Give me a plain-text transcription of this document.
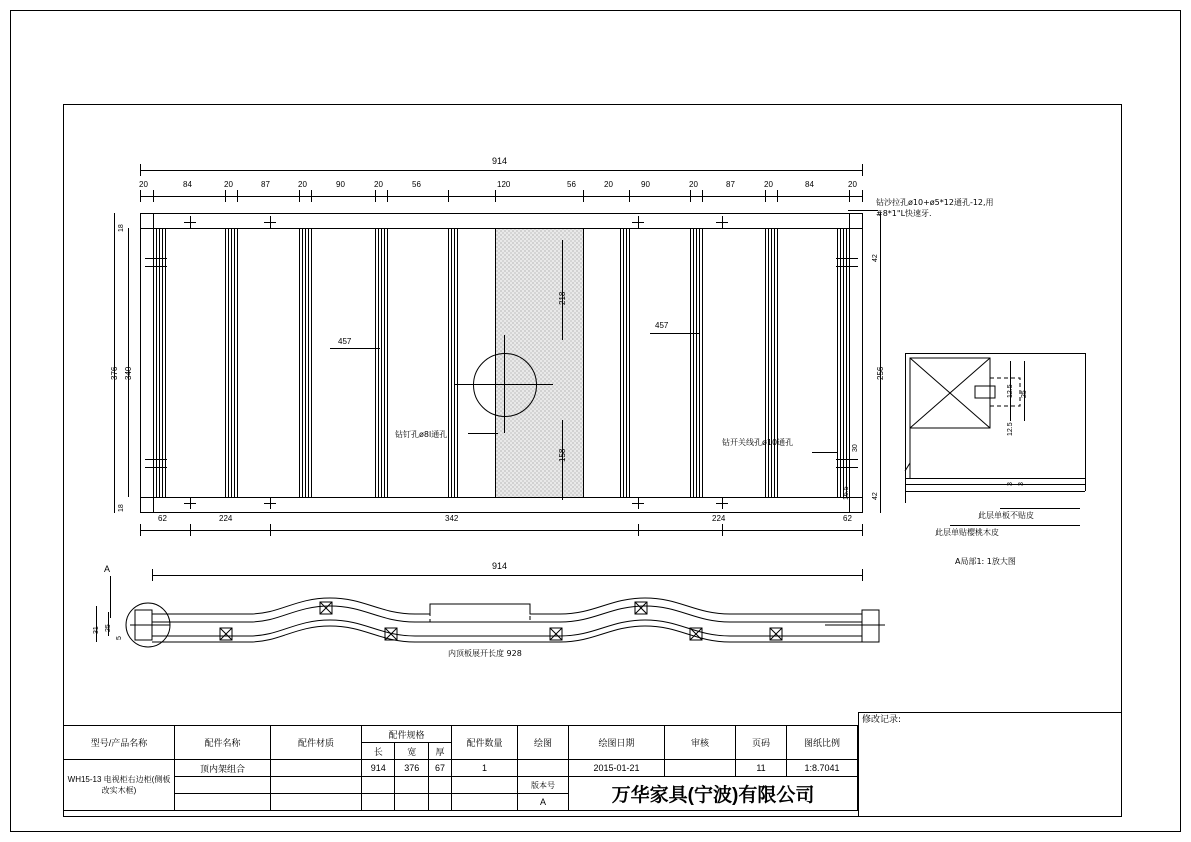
914
20	84	20	87	20	90	20	56	120	56	20	90	20	87	20	84	20
62	224	342	224	62
376 340
18
18
256
42
42
457
457
218
158
30
16.5
钻沙拉孔ø10+ø5*12通孔-12,用#8*1"L快速牙.
钻钉孔ø8l通孔
钻开关线孔ø10通孔
12.5 25
12.5
3 3
此层单板不贴皮
此层单贴樱桃木皮
A局部1: 1放大图
914
A
31 25
5
内顶板展开长度 928
修改记录:
型号/产品名称	配件名称	配件材质	配件规格			配件数量	绘图	绘图日期	审核	页码	图纸比例
			长	宽	厚						
WH15-13 电视柜右边柜(侧板改实木框)	顶内架组合		914	376	67	1		2015-01-21		11	1:8.7041
							版本号	万华家具(宁波)有限公司			
							A				
